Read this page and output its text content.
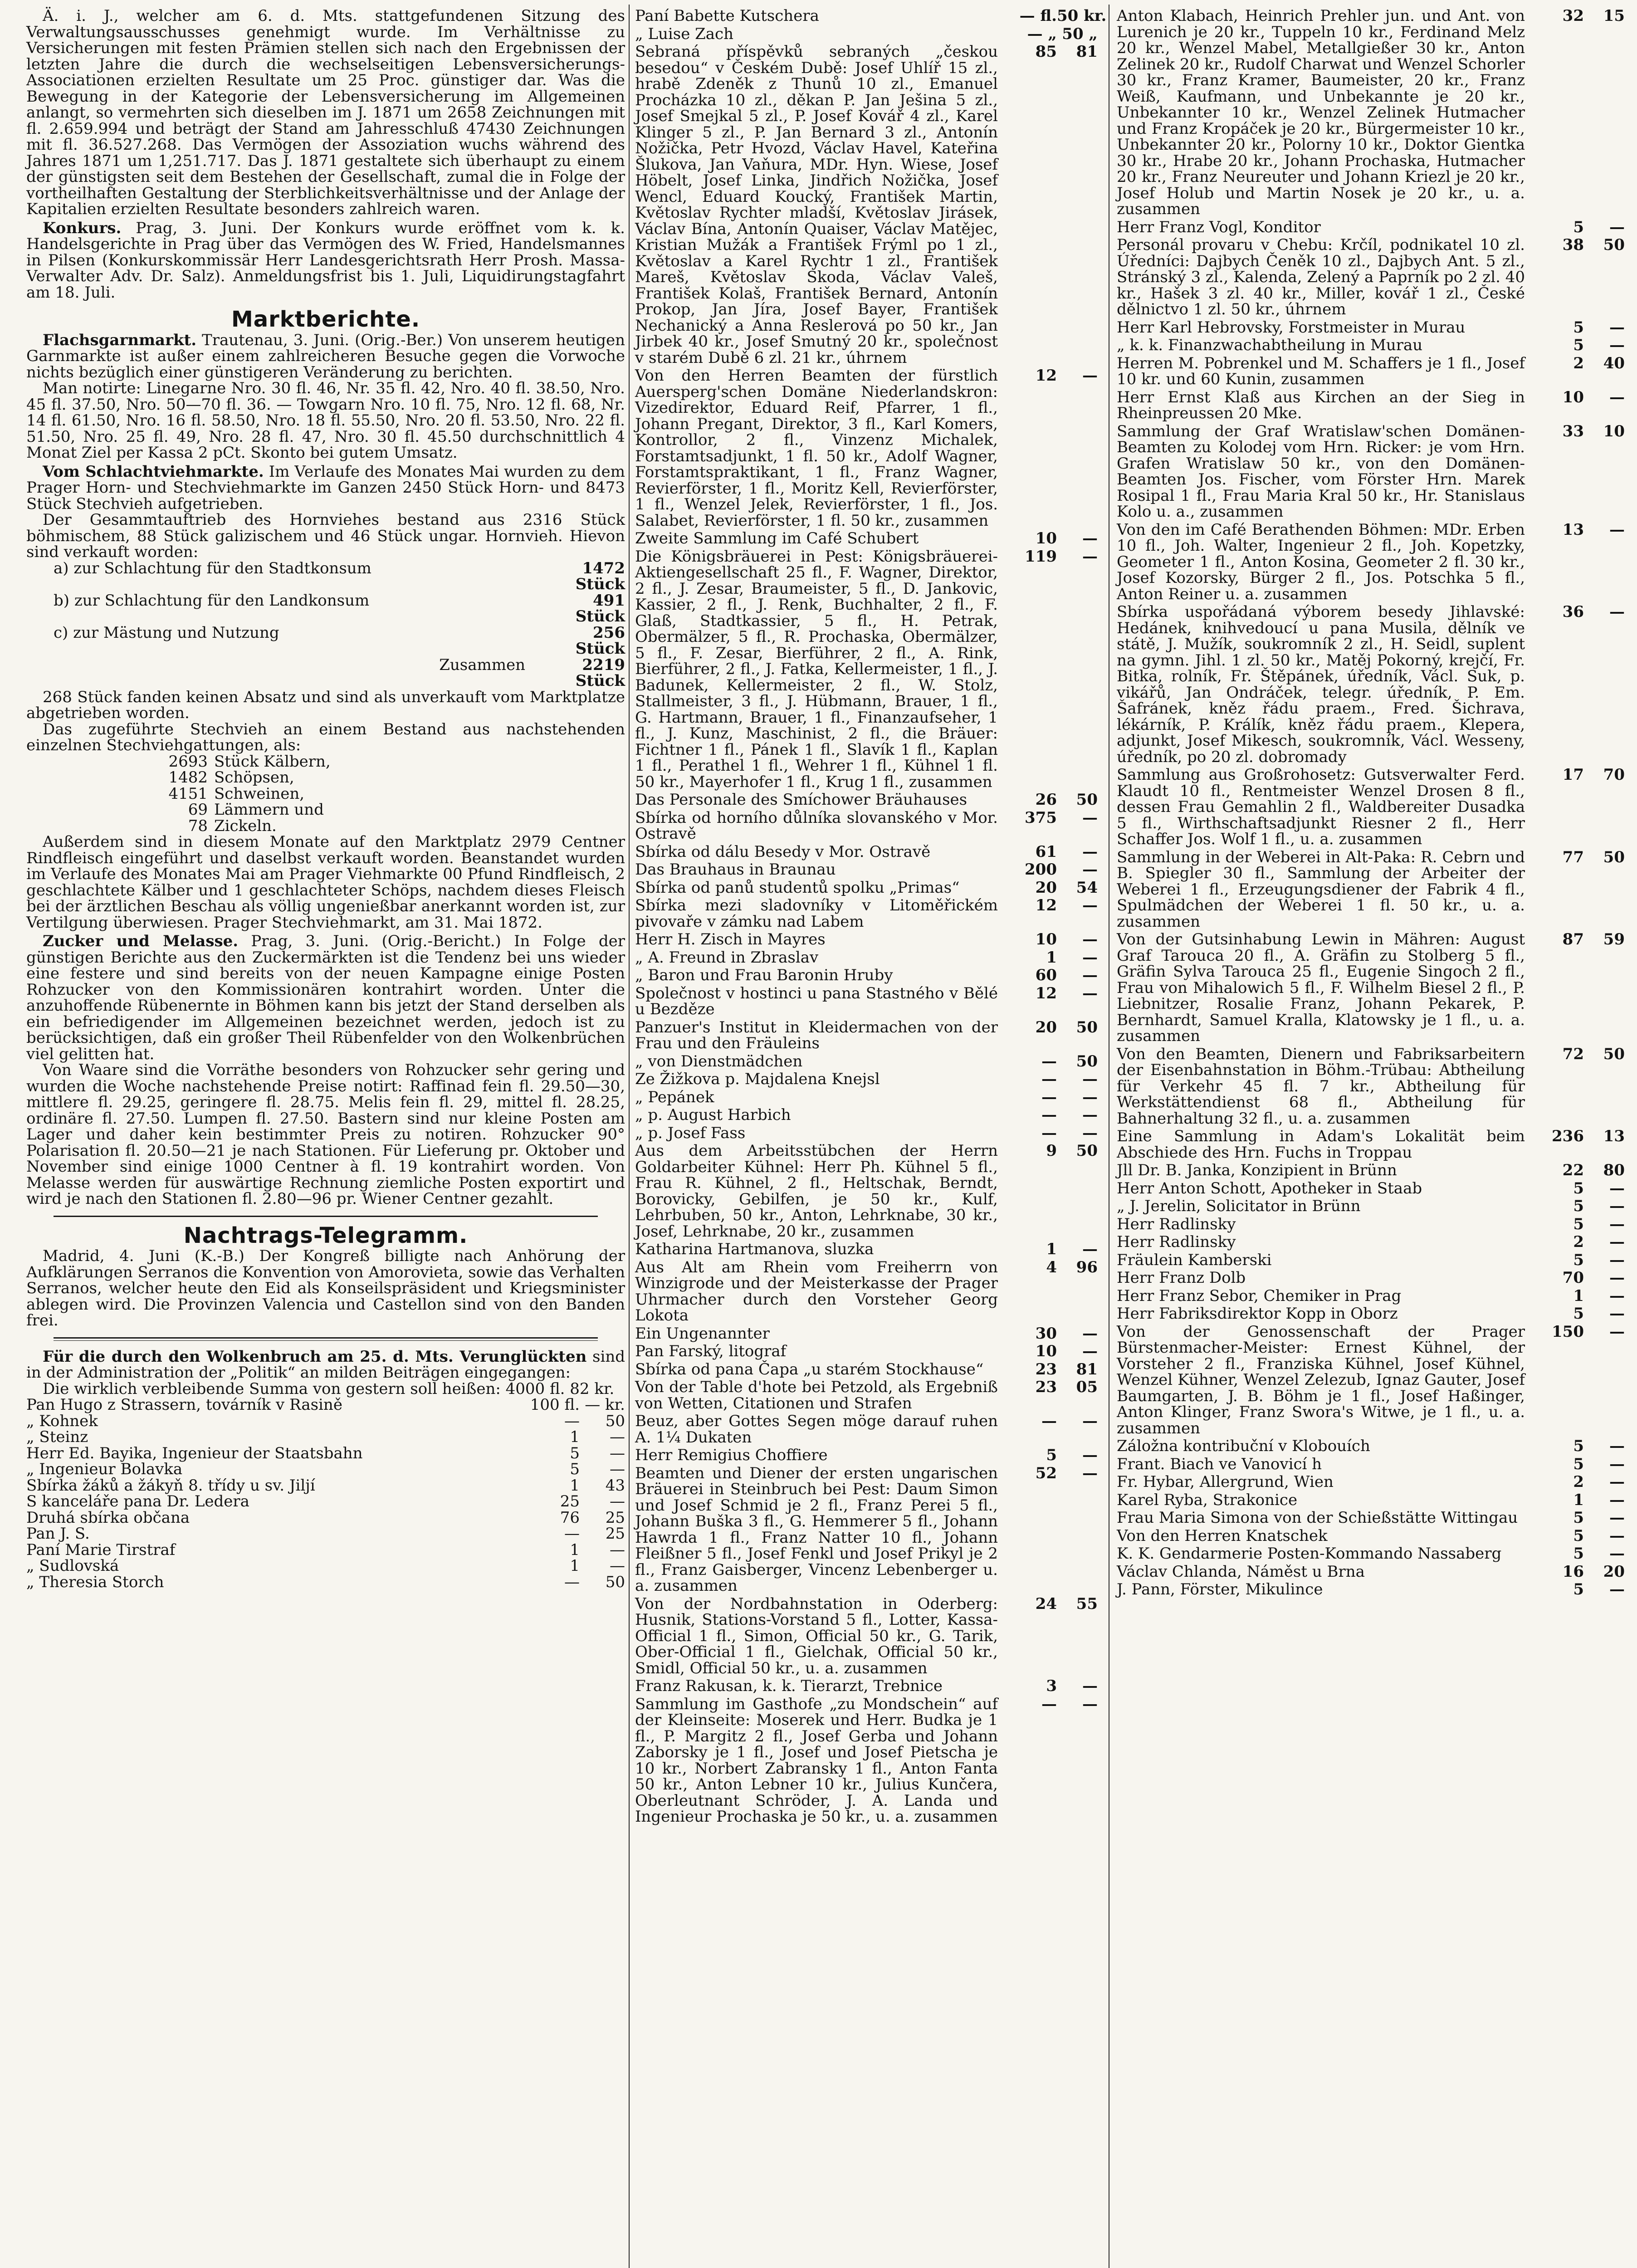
Ä. i. J., welcher am 6. d. Mts. stattgefundenen Sitzung des Verwaltungsausschusses genehmigt wurde. Im Verhältnisse zu Versicherungen mit festen Prämien stellen sich nach den Ergebnissen der letzten Jahre die durch die wechselseitigen Lebensversicherungs-Associationen erzielten Resultate um 25 Proc. günstiger dar. Was die Bewegung in der Kategorie der Lebensversicherung im Allgemeinen anlangt, so vermehrten sich dieselben im J. 1871 um 2658 Zeichnungen mit fl. 2.659.994 und beträgt der Stand am Jahresschluß 47430 Zeichnungen mit fl. 36.527.268. Das Vermögen der Assoziation wuchs während des Jahres 1871 um 1,251.717. Das J. 1871 gestaltete sich überhaupt zu einem der günstigsten seit dem Bestehen der Gesellschaft, zumal die in Folge der vortheilhaften Gestaltung der Sterblichkeitsverhältnisse und der Anlage der Kapitalien erzielten Resultate besonders zahlreich waren.

Konkurs. Prag, 3. Juni. Der Konkurs wurde eröffnet vom k. k. Handelsgerichte in Prag über das Vermögen des W. Fried, Handelsmannes in Pilsen (Konkurskommissär Herr Landesgerichtsrath Herr Prosh. Massa-Verwalter Adv. Dr. Salz). Anmeldungsfrist bis 1. Juli, Liquidirungstagfahrt am 18. Juli.

Marktberichte.

Flachsgarnmarkt. Trautenau, 3. Juni. (Orig.-Ber.) Von unserem heutigen Garnmarkte ist außer einem zahlreicheren Besuche gegen die Vorwoche nichts bezüglich einer günstigeren Veränderung zu berichten.

Man notirte: Linegarne Nro. 30 fl. 46, Nr. 35 fl. 42, Nro. 40 fl. 38.50, Nro. 45 fl. 37.50, Nro. 50—70 fl. 36. — Towgarn Nro. 10 fl. 75, Nro. 12 fl. 68, Nr. 14 fl. 61.50, Nro. 16 fl. 58.50, Nro. 18 fl. 55.50, Nro. 20 fl. 53.50, Nro. 22 fl. 51.50, Nro. 25 fl. 49, Nro. 28 fl. 47, Nro. 30 fl. 45.50 durchschnittlich 4 Monat Ziel per Kassa 2 pCt. Skonto bei gutem Umsatz.

Vom Schlachtviehmarkte. Im Verlaufe des Monates Mai wurden zu dem Prager Horn- und Stechviehmarkte im Ganzen 2450 Stück Horn- und 8473 Stück Stechvieh aufgetrieben.

Der Gesammtauftrieb des Hornviehes bestand aus 2316 Stück böhmischem, 88 Stück galizischem und 46 Stück ungar. Hornvieh. Hievon sind verkauft worden:

a) zur Schlachtung für den Stadtkonsum	1472 Stück
b) zur Schlachtung für den Landkonsum	491 Stück
c) zur Mästung und Nutzung	256 Stück
Zusammen	2219 Stück

268 Stück fanden keinen Absatz und sind als unverkauft vom Marktplatze abgetrieben worden.

Das zugeführte Stechvieh an einem Bestand aus nachstehenden einzelnen Stechviehgattungen, als:

2693 Stück Kälbern,
1482 Schöpsen,
4151 Schweinen,
69 Lämmern und
78 Zickeln.

Außerdem sind in diesem Monate auf den Marktplatz 2979 Centner Rindfleisch eingeführt und daselbst verkauft worden. Beanstandet wurden im Verlaufe des Monates Mai am Prager Viehmarkte 00 Pfund Rindfleisch, 2 geschlachtete Kälber und 1 geschlachteter Schöps, nachdem dieses Fleisch bei der ärztlichen Beschau als völlig ungenießbar anerkannt worden ist, zur Vertilgung überwiesen. Prager Stechviehmarkt, am 31. Mai 1872.

Zucker und Melasse. Prag, 3. Juni. (Orig.-Bericht.) In Folge der günstigen Berichte aus den Zuckermärkten ist die Tendenz bei uns wieder eine festere und sind bereits von der neuen Kampagne einige Posten Rohzucker von den Kommissionären kontrahirt worden. Unter die anzuhoffende Rübenernte in Böhmen kann bis jetzt der Stand derselben als ein befriedigender im Allgemeinen bezeichnet werden, jedoch ist zu berücksichtigen, daß ein großer Theil Rübenfelder von den Wolkenbrüchen viel gelitten hat.

Von Waare sind die Vorräthe besonders von Rohzucker sehr gering und wurden die Woche nachstehende Preise notirt: Raffinad fein fl. 29.50—30, mittlere fl. 29.25, geringere fl. 28.75. Melis fein fl. 29, mittel fl. 28.25, ordinäre fl. 27.50. Lumpen fl. 27.50. Bastern sind nur kleine Posten am Lager und daher kein bestimmter Preis zu notiren. Rohzucker 90° Polarisation fl. 20.50—21 je nach Stationen. Für Lieferung pr. Oktober und November sind einige 1000 Centner à fl. 19 kontrahirt worden. Von Melasse werden für auswärtige Rechnung ziemliche Posten exportirt und wird je nach den Stationen fl. 2.80—96 pr. Wiener Centner gezahlt.

Nachtrags-Telegramm.

Madrid, 4. Juni (K.-B.) Der Kongreß billigte nach Anhörung der Aufklärungen Serranos die Konvention von Amorovieta, sowie das Verhalten Serranos, welcher heute den Eid als Konseilspräsident und Kriegsminister ablegen wird. Die Provinzen Valencia und Castellon sind von den Banden frei.

Für die durch den Wolkenbruch am 25. d. Mts. Verunglückten sind in der Administration der „Politik“ an milden Beiträgen eingegangen:

Die wirklich verbleibende Summa von gestern soll heißen: 4000 fl. 82 kr.

Pan Hugo z Strassern, továrník v Rasině	100 fl. — kr.
„ Kohnek	—	50
„ Steinz	1	—
Herr Ed. Bayika, Ingenieur der Staatsbahn	5	—
„ Ingenieur Bolavka	5	—
Sbírka žáků a žákyň 8. třídy u sv. Jiljí	1	43
S kanceláře pana Dr. Ledera	25	—
Druhá sbírka občana	76	25
Pan J. S.	—	25
Paní Marie Tirstraf	1	—
„ Sudlovská	1	—
„ Theresia Storch	—	50
Paní Babette Kutschera	— fl. 50 kr.
„ Luise Zach	— „ 50 „
Sebraná příspěvků sebraných „českou besedou“ v Českém Dubě: Josef Uhlíř 15 zl., hrabě Zdeněk z Thunů 10 zl., Emanuel Procházka 10 zl., děkan P. Jan Ješina 5 zl., Josef Smejkal 5 zl., P. Josef Kovář 4 zl., Karel Klinger 5 zl., P. Jan Bernard 3 zl., Antonín Nožička, Petr Hvozd, Václav Havel, Kateřina Šlukova, Jan Vaňura, MDr. Hyn. Wiese, Josef Höbelt, Josef Linka, Jindřich Nožička, Josef Wencl, Eduard Koucký, František Martin, Květoslav Rychter mladší, Květoslav Jirásek, Václav Bína, Antonín Quaiser, Václav Matějec, Kristian Mužák a František Frýml po 1 zl., Květoslav a Karel Rychtr 1 zl., František Mareš, Květoslav Skoda, Václav Valeš, František Kolaš, František Bernard, Antonín Prokop, Jan Jíra, Josef Bayer, František Nechanický a Anna Reslerová po 50 kr., Jan Jirbek 40 kr., Josef Smutný 20 kr., společnost v starém Dubě 6 zl. 21 kr., úhrnem
85	81
Von den Herren Beamten der fürstlich Auersperg'schen Domäne Niederlandskron: Vizedirektor, Eduard Reif, Pfarrer, 1 fl., Johann Pregant, Direktor, 3 fl., Karl Komers, Kontrollor, 2 fl., Vinzenz Michalek, Forstamtsadjunkt, 1 fl. 50 kr., Adolf Wagner, Forstamtspraktikant, 1 fl., Franz Wagner, Revierförster, 1 fl., Moritz Kell, Revierförster, 1 fl., Wenzel Jelek, Revierförster, 1 fl., Jos. Salabet, Revierförster, 1 fl. 50 kr., zusammen
12	—
Zweite Sammlung im Café Schubert	10	—
Die Königsbräuerei in Pest: Königsbräuerei-Aktiengesellschaft 25 fl., F. Wagner, Direktor, 2 fl., J. Zesar, Braumeister, 5 fl., D. Jankovic, Kassier, 2 fl., J. Renk, Buchhalter, 2 fl., F. Glaß, Stadtkassier, 5 fl., H. Petrak, Obermälzer, 5 fl., R. Prochaska, Obermälzer, 5 fl., F. Zesar, Bierführer, 2 fl., A. Rink, Bierführer, 2 fl., J. Fatka, Kellermeister, 1 fl., J. Badunek, Kellermeister, 2 fl., W. Stolz, Stallmeister, 3 fl., J. Hübmann, Brauer, 1 fl., G. Hartmann, Brauer, 1 fl., Finanzaufseher, 1 fl., J. Kunz, Maschinist, 2 fl., die Bräuer: Fichtner 1 fl., Pánek 1 fl., Slavík 1 fl., Kaplan 1 fl., Perathel 1 fl., Wehrer 1 fl., Kühnel 1 fl. 50 kr., Mayerhofer 1 fl., Krug 1 fl., zusammen
119	—
Das Personale des Smíchower Bräuhauses	26	50
Sbírka od horního důlníka slovanského v Mor. Ostravě
375	—
Sbírka od dálu Besedy v Mor. Ostravě	61	—
Das Brauhaus in Braunau	200	—
Sbírka od panů studentů spolku „Primas“	20	54
Sbírka mezi sladovníky v Litoměřickém pivovaře v zámku nad Labem
12	—
Herr H. Zisch in Mayres	10	—
„ A. Freund in Zbraslav	1	—
„ Baron und Frau Baronin Hruby	60	—
Společnost v hostinci u pana Stastného v Bělé u Bezděze
12	—
Panzuer's Institut in Kleidermachen von der Frau und den Fräuleins
20	50
„ von Dienstmädchen	—	50
Ze Žižkova p. Majdalena Knejsl	—	—
„ Pepánek	—	—
„ p. August Harbich	—	—
„ p. Josef Fass	—	—
Aus dem Arbeitsstübchen der Herrn Goldarbeiter Kühnel: Herr Ph. Kühnel 5 fl., Frau R. Kühnel, 2 fl., Heltschak, Berndt, Borovicky, Gebilfen, je 50 kr., Kulf, Lehrbuben, 50 kr., Anton, Lehrknabe, 30 kr., Josef, Lehrknabe, 20 kr., zusammen
9	50
Katharina Hartmanova, sluzka	1	—
Aus Alt am Rhein vom Freiherrn von Winzigrode und der Meisterkasse der Prager Uhrmacher durch den Vorsteher Georg Lokota
4	96
Ein Ungenannter	30	—
Pan Farský, litograf	10	—
Sbírka od pana Čapa „u starém Stockhause“	23	81
Von der Table d'hote bei Petzold, als Ergebniß von Wetten, Citationen und Strafen
23	05
Beuz, aber Gottes Segen möge darauf ruhen A. 1¼ Dukaten
—	—
Herr Remigius Choffiere	5	—
Beamten und Diener der ersten ungarischen Bräuerei in Steinbruch bei Pest: Daum Simon und Josef Schmid je 2 fl., Franz Perei 5 fl., Johann Buška 3 fl., G. Hemmerer 5 fl., Johann Hawrda 1 fl., Franz Natter 10 fl., Johann Fleißner 5 fl., Josef Fenkl und Josef Prikyl je 2 fl., Franz Gaisberger, Vincenz Lebenberger u. a. zusammen
52	—
Von der Nordbahnstation in Oderberg: Husnik, Stations-Vorstand 5 fl., Lotter, Kassa-Official 1 fl., Simon, Official 50 kr., G. Tarik, Ober-Official 1 fl., Gielchak, Official 50 kr., Smidl, Official 50 kr., u. a. zusammen
24	55
Franz Rakusan, k. k. Tierarzt, Trebnice	3	—
Sammlung im Gasthofe „zu Mondschein“ auf der Kleinseite: Moserek und Herr. Budka je 1 fl., P. Margitz 2 fl., Josef Gerba und Johann Zaborsky je 1 fl., Josef und Josef Pietscha je 10 kr., Norbert Zabransky 1 fl., Anton Fanta 50 kr., Anton Lebner 10 kr., Julius Kunčera, Oberleutnant Schröder, J. A. Landa und Ingenieur Prochaska je 50 kr., u. a. zusammen
—	—
Anton Klabach, Heinrich Prehler jun. und Ant. von Lurenich je 20 kr., Tuppeln 10 kr., Ferdinand Melz 20 kr., Wenzel Mabel, Metallgießer 30 kr., Anton Zelinek 20 kr., Rudolf Charwat und Wenzel Schorler 30 kr., Franz Kramer, Baumeister, 20 kr., Franz Weiß, Kaufmann, und Unbekannte je 20 kr., Unbekannter 10 kr., Wenzel Zelinek Hutmacher und Franz Kropáček je 20 kr., Bürgermeister 10 kr., Unbekannter 20 kr., Polorny 10 kr., Doktor Gientka 30 kr., Hrabe 20 kr., Johann Prochaska, Hutmacher 20 kr., Franz Neureuter und Johann Kriezl je 20 kr., Josef Holub und Martin Nosek je 20 kr., u. a. zusammen
32	15
Herr Franz Vogl, Konditor	5	—
Personál provaru v Chebu: Krčíl, podnikatel 10 zl. Úředníci: Dajbych Čeněk 10 zl., Dajbych Ant. 5 zl., Stránský 3 zl., Kalenda, Zelený a Paprník po 2 zl. 40 kr., Hašek 3 zl. 40 kr., Miller, kovář 1 zl., České dělnictvo 1 zl. 50 kr., úhrnem
38	50
Herr Karl Hebrovsky, Forstmeister in Murau	5	—
„ k. k. Finanzwachabtheilung in Murau	5	—
Herren M. Pobrenkel und M. Schaffers je 1 fl., Josef 10 kr. und 60 Kunin, zusammen
2	40
Herr Ernst Klaß aus Kirchen an der Sieg in Rheinpreussen 20 Mke.
10	—
Sammlung der Graf Wratislaw'schen Domänen-Beamten zu Kolodej vom Hrn. Ricker: je vom Hrn. Grafen Wratislaw 50 kr., von den Domänen-Beamten Jos. Fischer, vom Förster Hrn. Marek Rosipal 1 fl., Frau Maria Kral 50 kr., Hr. Stanislaus Kolo u. a., zusammen
33	10
Von den im Café Berathenden Böhmen: MDr. Erben 10 fl., Joh. Walter, Ingenieur 2 fl., Joh. Kopetzky, Geometer 1 fl., Anton Kosina, Geometer 2 fl. 30 kr., Josef Kozorsky, Bürger 2 fl., Jos. Potschka 5 fl., Anton Reiner u. a. zusammen
13	—
Sbírka uspořádaná výborem besedy Jihlavské: Hedánek, knihvedoucí u pana Musila, dělník ve státě, J. Mužík, soukromník 2 zl., H. Seidl, suplent na gymn. Jihl. 1 zl. 50 kr., Matěj Pokorný, krejčí, Fr. Bitka, rolník, Fr. Štěpánek, úředník, Václ. Suk, p. vikářů, Jan Ondráček, telegr. úředník, P. Em. Šafránek, kněz řádu praem., Fred. Šichrava, lékárník, P. Králík, kněz řádu praem., Klepera, adjunkt, Josef Mikesch, soukromník, Václ. Wesseny, úředník, po 20 zl. dobromady
36	—
Sammlung aus Großrohosetz: Gutsverwalter Ferd. Klaudt 10 fl., Rentmeister Wenzel Drosen 8 fl., dessen Frau Gemahlin 2 fl., Waldbereiter Dusadka 5 fl., Wirthschaftsadjunkt Riesner 2 fl., Herr Schaffer Jos. Wolf 1 fl., u. a. zusammen
17	70
Sammlung in der Weberei in Alt-Paka: R. Cebrn und B. Spiegler 30 fl., Sammlung der Arbeiter der Weberei 1 fl., Erzeugungsdiener der Fabrik 4 fl., Spulmädchen der Weberei 1 fl. 50 kr., u. a. zusammen
77	50
Von der Gutsinhabung Lewin in Mähren: August Graf Tarouca 20 fl., A. Gräfin zu Stolberg 5 fl., Gräfin Sylva Tarouca 25 fl., Eugenie Singoch 2 fl., Frau von Mihalowich 5 fl., F. Wilhelm Biesel 2 fl., P. Liebnitzer, Rosalie Franz, Johann Pekarek, P. Bernhardt, Samuel Kralla, Klatowsky je 1 fl., u. a. zusammen
87	59
Von den Beamten, Dienern und Fabriksarbeitern der Eisenbahnstation in Böhm.-Trübau: Abtheilung für Verkehr 45 fl. 7 kr., Abtheilung für Werkstättendienst 68 fl., Abtheilung für Bahnerhaltung 32 fl., u. a. zusammen
72	50
Eine Sammlung in Adam's Lokalität beim Abschiede des Hrn. Fuchs in Troppau
236	13
Jll Dr. B. Janka, Konzipient in Brünn	22	80
Herr Anton Schott, Apotheker in Staab	5	—
„ J. Jerelin, Solicitator in Brünn	5	—
Herr Radlinsky	5	—
Herr Radlinsky	2	—
Fräulein Kamberski	5	—
Herr Franz Dolb	70	—
Herr Franz Sebor, Chemiker in Prag	1	—
Herr Fabriksdirektor Kopp in Oborz	5	—
Von der Genossenschaft der Prager Bürstenmacher-Meister: Ernest Kühnel, der Vorsteher 2 fl., Franziska Kühnel, Josef Kühnel, Wenzel Kühner, Wenzel Zelezub, Ignaz Gauter, Josef Baumgarten, J. B. Böhm je 1 fl., Josef Haßinger, Anton Klinger, Franz Swora's Witwe, je 1 fl., u. a. zusammen
150	—
Záložna kontribuční v Klobouích	5	—
Frant. Biach ve Vanovicí h	5	—
Fr. Hybar, Allergrund, Wien	2	—
Karel Ryba, Strakonice	1	—
Frau Maria Simona von der Schießstätte Wittingau	5	—
Von den Herren Knatschek	5	—
K. K. Gendarmerie Posten-Kommando Nassaberg	5	—
Václav Chlanda, Náměst u Brna	16	20
J. Pann, Förster, Mikulince	5	—
